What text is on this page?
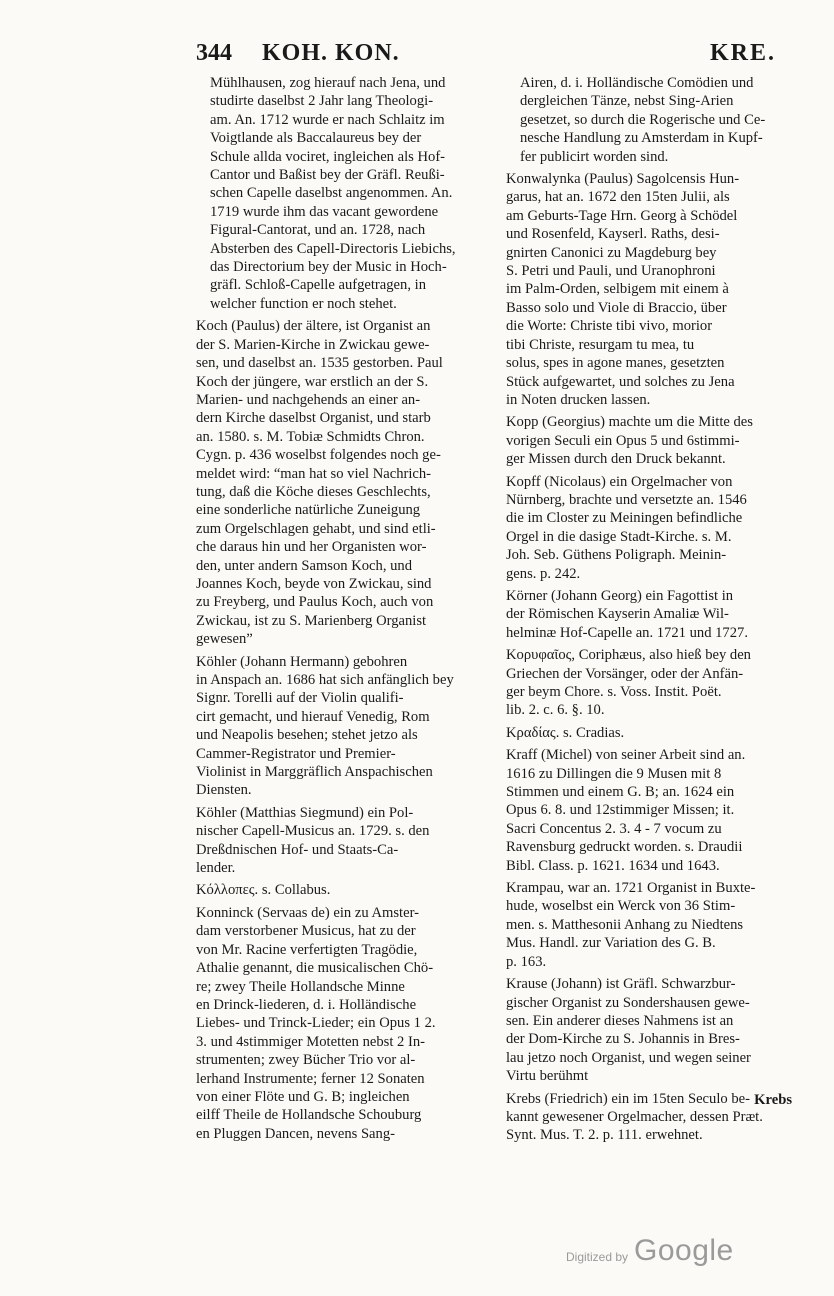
344 KOH. KON.	KRE.
Mühlhausen, zog hierauf nach Jena, und
studirte daselbst 2 Jahr lang Theologi-
am. An. 1712 wurde er nach Schlaitz im
Voigtlande als Baccalaureus bey der
Schule allda vociret, ingleichen als Hof-
Cantor und Baßist bey der Gräfl. Reußi-
schen Capelle daselbst angenommen. An.
1719 wurde ihm das vacant gewordene
Figural-Cantorat, und an. 1728, nach
Absterben des Capell-Directoris Liebichs,
das Directorium bey der Music in Hoch-
gräfl. Schloß-Capelle aufgetragen, in
welcher function er noch stehet.
Koch (Paulus) der ältere, ist Organist an
der S. Marien-Kirche in Zwickau gewe-
sen, und daselbst an. 1535 gestorben. Paul
Koch der jüngere, war erstlich an der S.
Marien- und nachgehends an einer an-
dern Kirche daselbst Organist, und starb
an. 1580. s. M. Tobiæ Schmidts Chron.
Cygn. p. 436 woselbst folgendes noch ge-
meldet wird: “man hat so viel Nachrich-
tung, daß die Köche dieses Geschlechts,
eine sonderliche natürliche Zuneigung
zum Orgelschlagen gehabt, und sind etli-
che daraus hin und her Organisten wor-
den, unter andern Samson Koch, und
Joannes Koch, beyde von Zwickau, sind
zu Freyberg, und Paulus Koch, auch von
Zwickau, ist zu S. Marienberg Organist
gewesen”
Köhler (Johann Hermann) gebohren
in Anspach an. 1686 hat sich anfänglich bey
Signr. Torelli auf der Violin qualifi-
cirt gemacht, und hierauf Venedig, Rom
und Neapolis besehen; stehet jetzo als
Cammer-Registrator und Premier-
Violinist in Marggräflich Anspachischen
Diensten.
Köhler (Matthias Siegmund) ein Pol-
nischer Capell-Musicus an. 1729. s. den
Dreßdnischen Hof- und Staats-Ca-
lender.
Κόλλοπες. s. Collabus.
Konninck (Servaas de) ein zu Amster-
dam verstorbener Musicus, hat zu der
von Mr. Racine verfertigten Tragödie,
Athalie genannt, die musicalischen Chö-
re; zwey Theile Hollandsche Minne
en Drinck-liederen, d. i. Holländische
Liebes- und Trinck-Lieder; ein Opus 1 2.
3. und 4stimmiger Motetten nebst 2 In-
strumenten; zwey Bücher Trio vor al-
lerhand Instrumente; ferner 12 Sonaten
von einer Flöte und G. B; ingleichen
eilff Theile de Hollandsche Schouburg
en Pluggen Dancen, nevens Sang-
Airen, d. i. Holländische Comödien und
dergleichen Tänze, nebst Sing-Arien
gesetzet, so durch die Rogerische und Ce-
nesche Handlung zu Amsterdam in Kupf-
fer publicirt worden sind.
Konwalynka (Paulus) Sagolcensis Hun-
garus, hat an. 1672 den 15ten Julii, als
am Geburts-Tage Hrn. Georg à Schödel
und Rosenfeld, Kayserl. Raths, desi-
gnirten Canonici zu Magdeburg bey
S. Petri und Pauli, und Uranophroni
im Palm-Orden, selbigem mit einem à
Basso solo und Viole di Braccio, über
die Worte: Christe tibi vivo, morior
tibi Christe, resurgam tu mea, tu
solus, spes in agone manes, gesetzten
Stück aufgewartet, und solches zu Jena
in Noten drucken lassen.
Kopp (Georgius) machte um die Mitte des
vorigen Seculi ein Opus 5 und 6stimmi-
ger Missen durch den Druck bekannt.
Kopff (Nicolaus) ein Orgelmacher von
Nürnberg, brachte und versetzte an. 1546
die im Closter zu Meiningen befindliche
Orgel in die dasige Stadt-Kirche. s. M.
Joh. Seb. Güthens Poligraph. Meinin-
gens. p. 242.
Körner (Johann Georg) ein Fagottist in
der Römischen Kayserin Amaliæ Wil-
helminæ Hof-Capelle an. 1721 und 1727.
Κορυφαῖος, Coriphæus, also hieß bey den
Griechen der Vorsänger, oder der Anfän-
ger beym Chore. s. Voss. Instit. Poët.
lib. 2. c. 6. §. 10.
Κραδίας. s. Cradias.
Kraff (Michel) von seiner Arbeit sind an.
1616 zu Dillingen die 9 Musen mit 8
Stimmen und einem G. B; an. 1624 ein
Opus 6. 8. und 12stimmiger Missen; it.
Sacri Concentus 2. 3. 4 - 7 vocum zu
Ravensburg gedruckt worden. s. Draudii
Bibl. Class. p. 1621. 1634 und 1643.
Krampau, war an. 1721 Organist in Buxte-
hude, woselbst ein Werck von 36 Stim-
men. s. Matthesonii Anhang zu Niedtens
Mus. Handl. zur Variation des G. B.
p. 163.
Krause (Johann) ist Gräfl. Schwarzbur-
gischer Organist zu Sondershausen gewe-
sen. Ein anderer dieses Nahmens ist an
der Dom-Kirche zu S. Johannis in Bres-
lau jetzo noch Organist, und wegen seiner
Virtu berühmt
Krebs (Friedrich) ein im 15ten Seculo be-
kannt gewesener Orgelmacher, dessen Præt.
Synt. Mus. T. 2. p. 111. erwehnet.
Krebs
Digitized by Google
